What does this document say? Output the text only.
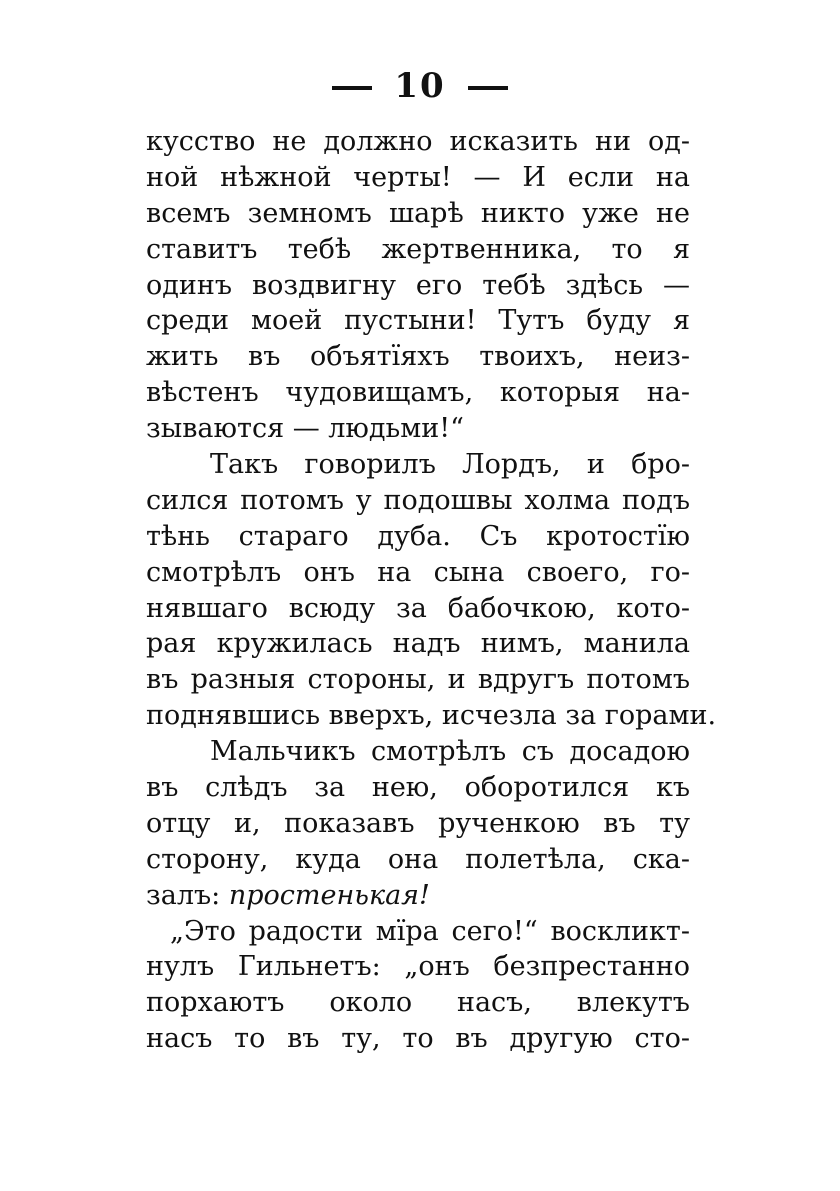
10
кусство не должно исказить ни од-
ной нѣжной черты! — И если на
всемъ земномъ шарѣ никто уже не
ставитъ тебѣ жертвенника, то я
одинъ воздвигну его тебѣ здѣсь —
среди моей пустыни! Тутъ буду я
жить въ объятїяхъ твоихъ, неиз-
вѣстенъ чудовищамъ, которыя на-
зываются — людьми!“
Такъ говорилъ Лордъ, и бро-
сился потомъ у подошвы холма подъ
тѣнь стараго дуба. Съ кротостїю
смотрѣлъ онъ на сына своего, го-
нявшаго всюду за бабочкою, кото-
рая кружилась надъ нимъ, манила
въ разныя стороны, и вдругъ потомъ
поднявшись вверхъ, исчезла за горами.
Мальчикъ смотрѣлъ съ досадою
въ слѣдъ за нею, оборотился къ
отцу и, показавъ рученкою въ ту
сторону, куда она полетѣла, ска-
залъ: простенькая!
„Это радости мїра сего!“ воскликт-
нулъ Гильнетъ: „онъ безпрестанно
порхаютъ около насъ, влекутъ
насъ то въ ту, то въ другую сто-
